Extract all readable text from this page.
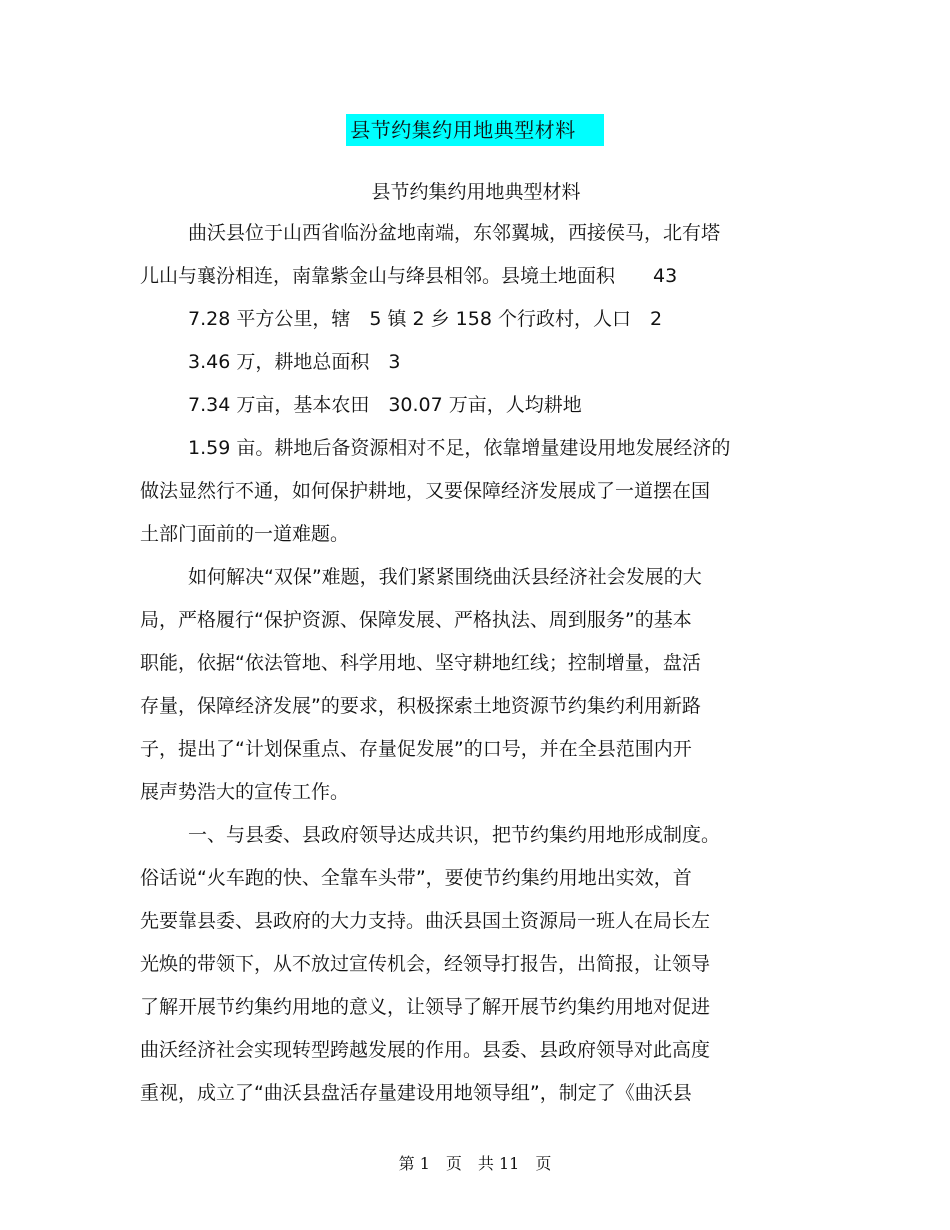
县节约集约用地典型材料
县节约集约用地典型材料
曲沃县位于山西省临汾盆地南端，东邻翼城，西接侯马，北有塔
儿山与襄汾相连，南靠紫金山与绛县相邻。县境土地面积　　43
7.28 平方公里，辖　5 镇 2 乡 158 个行政村，人口　2
3.46 万，耕地总面积　3
7.34 万亩，基本农田　30.07 万亩，人均耕地
1.59 亩。耕地后备资源相对不足，依靠增量建设用地发展经济的
做法显然行不通，如何保护耕地，又要保障经济发展成了一道摆在国
土部门面前的一道难题。
如何解决“双保”难题，我们紧紧围绕曲沃县经济社会发展的大
局，严格履行“保护资源、保障发展、严格执法、周到服务”的基本
职能，依据“依法管地、科学用地、坚守耕地红线；控制增量，盘活
存量，保障经济发展”的要求，积极探索土地资源节约集约利用新路
子，提出了“计划保重点、存量促发展”的口号，并在全县范围内开
展声势浩大的宣传工作。
一、与县委、县政府领导达成共识，把节约集约用地形成制度。
俗话说“火车跑的快、全靠车头带”，要使节约集约用地出实效，首
先要靠县委、县政府的大力支持。曲沃县国土资源局一班人在局长左
光焕的带领下，从不放过宣传机会，经领导打报告，出简报，让领导
了解开展节约集约用地的意义，让领导了解开展节约集约用地对促进
曲沃经济社会实现转型跨越发展的作用。县委、县政府领导对此高度
重视，成立了“曲沃县盘活存量建设用地领导组”，制定了《曲沃县
第 1　页　共 11　页
